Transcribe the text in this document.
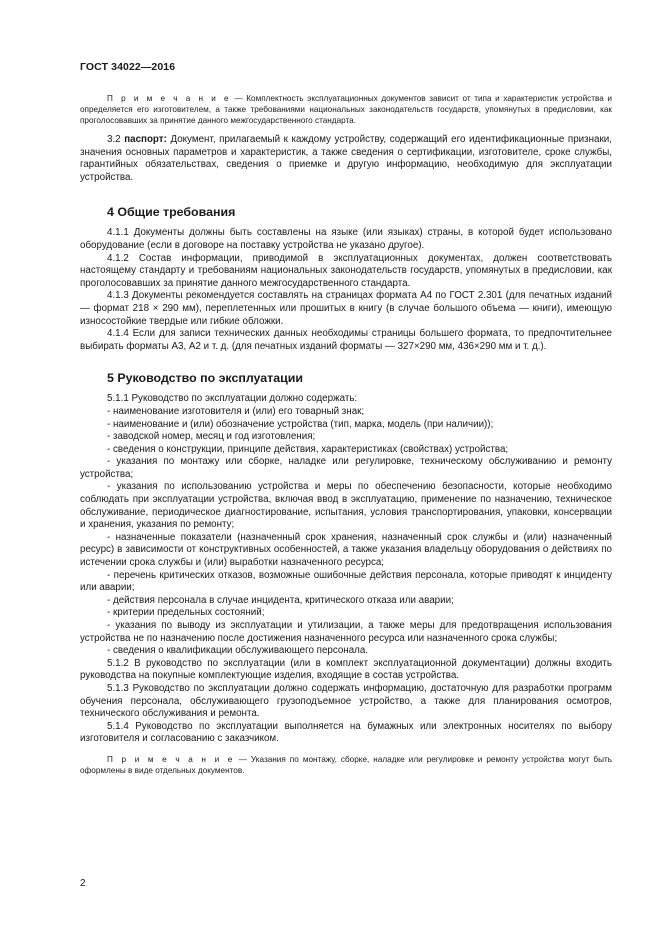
ГОСТ 34022—2016

П р и м е ч а н и е — Комплектность эксплуатационных документов зависит от типа и характеристик устройства и определяется его изготовителем, а также требованиями национальных законодательств государств, упомянутых в предисловии, как проголосовавших за принятие данного межгосударственного стандарта.

3.2 паспорт: Документ, прилагаемый к каждому устройству, содержащий его идентификационные признаки, значения основных параметров и характеристик, а также сведения о сертификации, изготовителе, сроке службы, гарантийных обязательствах, сведения о приемке и другую информацию, необходимую для эксплуатации устройства.

4 Общие требования

4.1.1 Документы должны быть составлены на языке (или языках) страны, в которой будет использовано оборудование (если в договоре на поставку устройства не указано другое).

4.1.2 Состав информации, приводимой в эксплуатационных документах, должен соответствовать настоящему стандарту и требованиям национальных законодательств государств, упомянутых в предисловии, как проголосовавших за принятие данного межгосударственного стандарта.

4.1.3 Документы рекомендуется составлять на страницах формата А4 по ГОСТ 2.301 (для печатных изданий — формат 218 × 290 мм), переплетенных или прошитых в книгу (в случае большого объема — книги), имеющую износостойкие твердые или гибкие обложки.

4.1.4 Если для записи технических данных необходимы страницы большего формата, то предпочтительнее выбирать форматы А3, А2 и т. д. (для печатных изданий форматы — 327×290 мм, 436×290 мм и т. д.).

5 Руководство по эксплуатации

5.1.1 Руководство по эксплуатации должно содержать:

- наименование изготовителя и (или) его товарный знак;

- наименование и (или) обозначение устройства (тип, марка, модель (при наличии));

- заводской номер, месяц и год изготовления;

- сведения о конструкции, принципе действия, характеристиках (свойствах) устройства;

- указания по монтажу или сборке, наладке или регулировке, техническому обслуживанию и ремонту устройства;

- указания по использованию устройства и меры по обеспечению безопасности, которые необходимо соблюдать при эксплуатации устройства, включая ввод в эксплуатацию, применение по назначению, техническое обслуживание, периодическое диагностирование, испытания, условия транспортирования, упаковки, консервации и хранения, указания по ремонту;

- назначенные показатели (назначенный срок хранения, назначенный срок службы и (или) назначенный ресурс) в зависимости от конструктивных особенностей, а также указания владельцу оборудования о действиях по истечении срока службы и (или) выработки назначенного ресурса;

- перечень критических отказов, возможные ошибочные действия персонала, которые приводят к инциденту или аварии;

- действия персонала в случае инцидента, критического отказа или аварии;

- критерии предельных состояний;

- указания по выводу из эксплуатации и утилизации, а также меры для предотвращения использования устройства не по назначению после достижения назначенного ресурса или назначенного срока службы;

- сведения о квалификации обслуживающего персонала.

5.1.2 В руководство по эксплуатации (или в комплект эксплуатационной документации) должны входить руководства на покупные комплектующие изделия, входящие в состав устройства.

5.1.3 Руководство по эксплуатации должно содержать информацию, достаточную для разработки программ обучения персонала, обслуживающего грузоподъемное устройство, а также для планирования осмотров, технического обслуживания и ремонта.

5.1.4 Руководство по эксплуатации выполняется на бумажных или электронных носителях по выбору изготовителя и согласованию с заказчиком.

П р и м е ч а н и е — Указания по монтажу, сборке, наладке или регулировке и ремонту устройства могут быть оформлены в виде отдельных документов.

2
